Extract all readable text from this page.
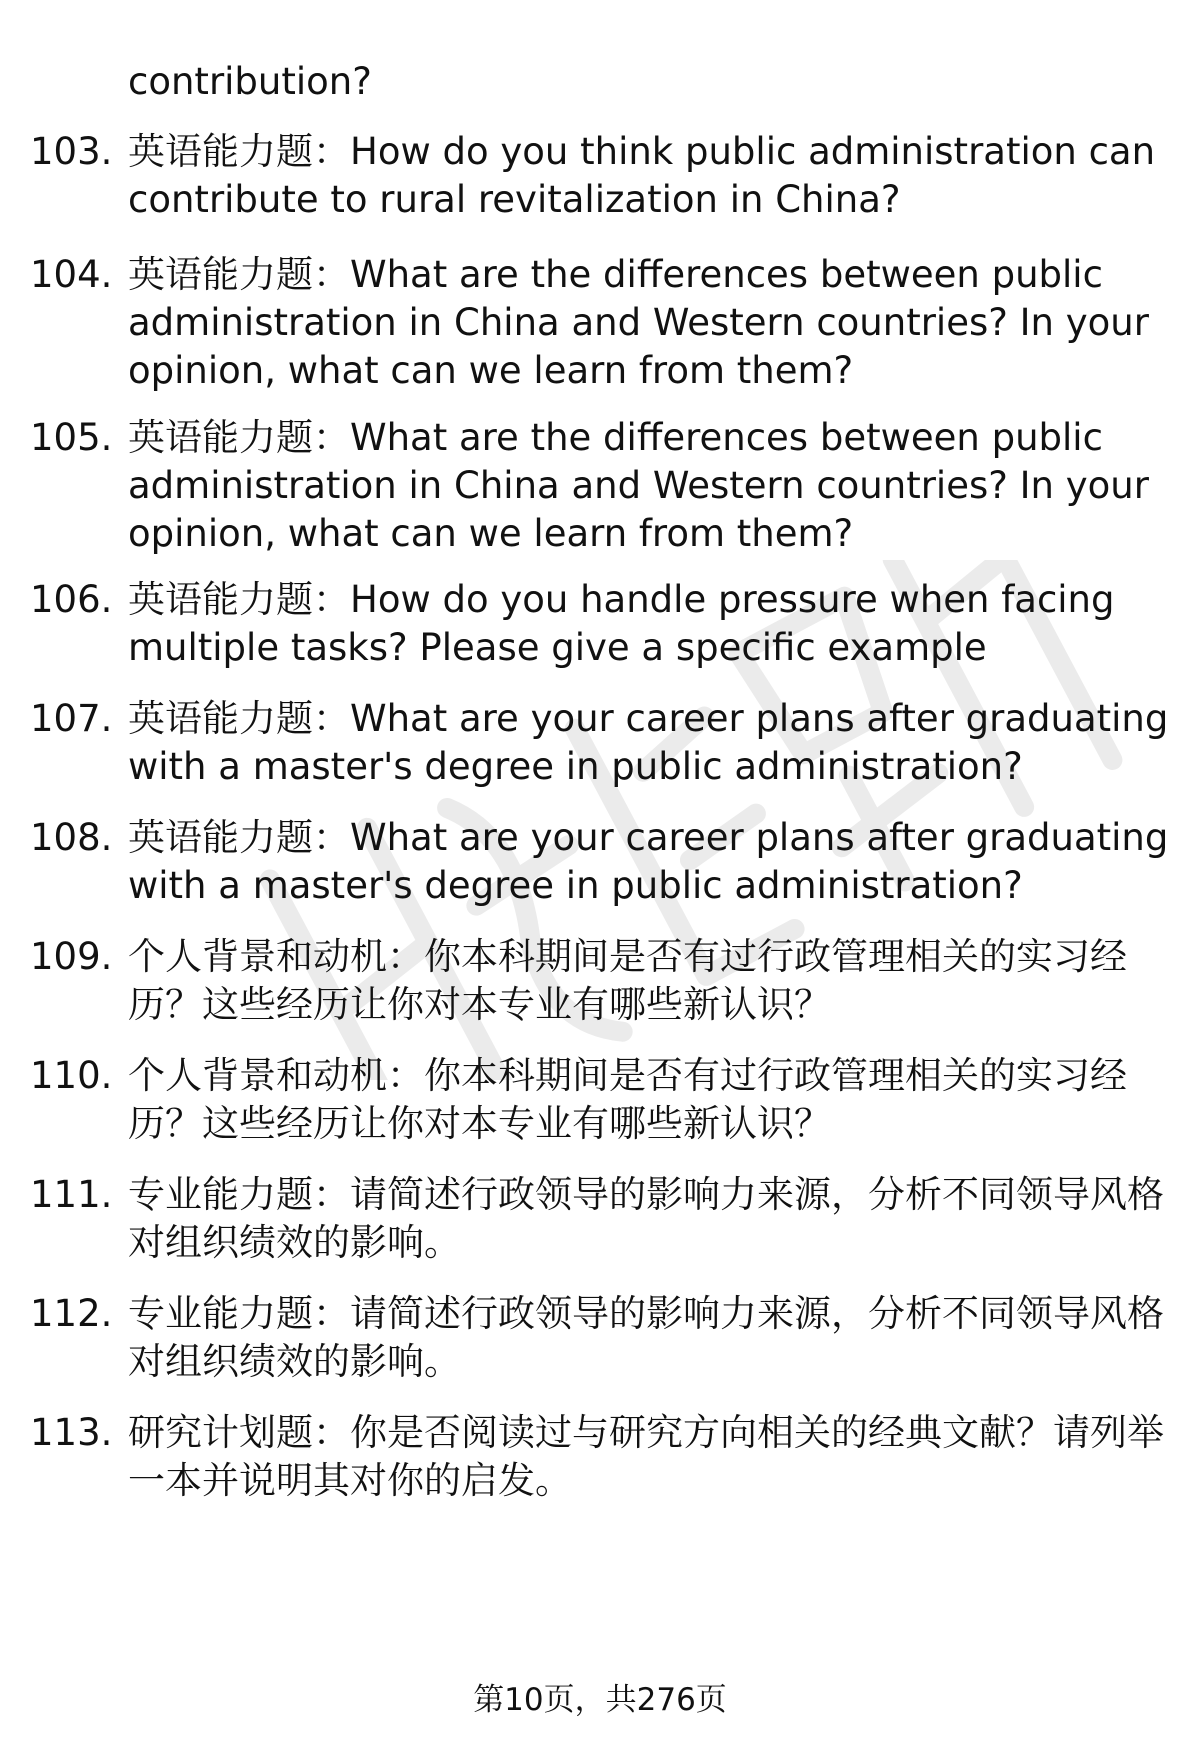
contribution?
103. 英语能力题：How do you think public administration can
contribute to rural revitalization in China?
104. 英语能力题：What are the differences between public
administration in China and Western countries? In your
opinion, what can we learn from them?
105. 英语能力题：What are the differences between public
administration in China and Western countries? In your
opinion, what can we learn from them?
106. 英语能力题：How do you handle pressure when facing
multiple tasks? Please give a specific example
107. 英语能力题：What are your career plans after graduating
with a master's degree in public administration?
108. 英语能力题：What are your career plans after graduating
with a master's degree in public administration?
109. 个人背景和动机：你本科期间是否有过行政管理相关的实习经
历？这些经历让你对本专业有哪些新认识？
110. 个人背景和动机：你本科期间是否有过行政管理相关的实习经
历？这些经历让你对本专业有哪些新认识？
111. 专业能力题：请简述行政领导的影响力来源，分析不同领导风格
对组织绩效的影响。
112. 专业能力题：请简述行政领导的影响力来源，分析不同领导风格
对组织绩效的影响。
113. 研究计划题：你是否阅读过与研究方向相关的经典文献？请列举
一本并说明其对你的启发。
第10页，共276页
